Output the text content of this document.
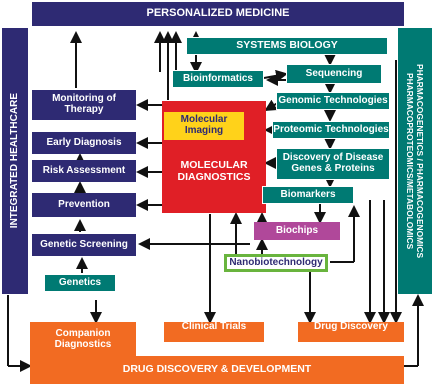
PERSONALIZED MEDICINE
INTEGRATED HEALTHCARE	PHARMACOGENETICS / PHARMACOGENOMICS
PHARMACOPROTEOMICS/METABOLOMICS
DRUG DISCOVERY & DEVELOPMENT
Monitoring of Therapy
Early Diagnosis
Risk Assessment
Prevention
Genetic Screening
Genetics
MOLECULAR DIAGNOSTICS
Molecular Imaging
Bioinformatics
Biochips
Nanobiotechnology
SYSTEMS BIOLOGY
Sequencing
Genomic Technologies
Proteomic Technologies
Discovery of Disease Genes & Proteins
Biomarkers
Companion Diagnostics
Clinical Trials	Drug Discovery
